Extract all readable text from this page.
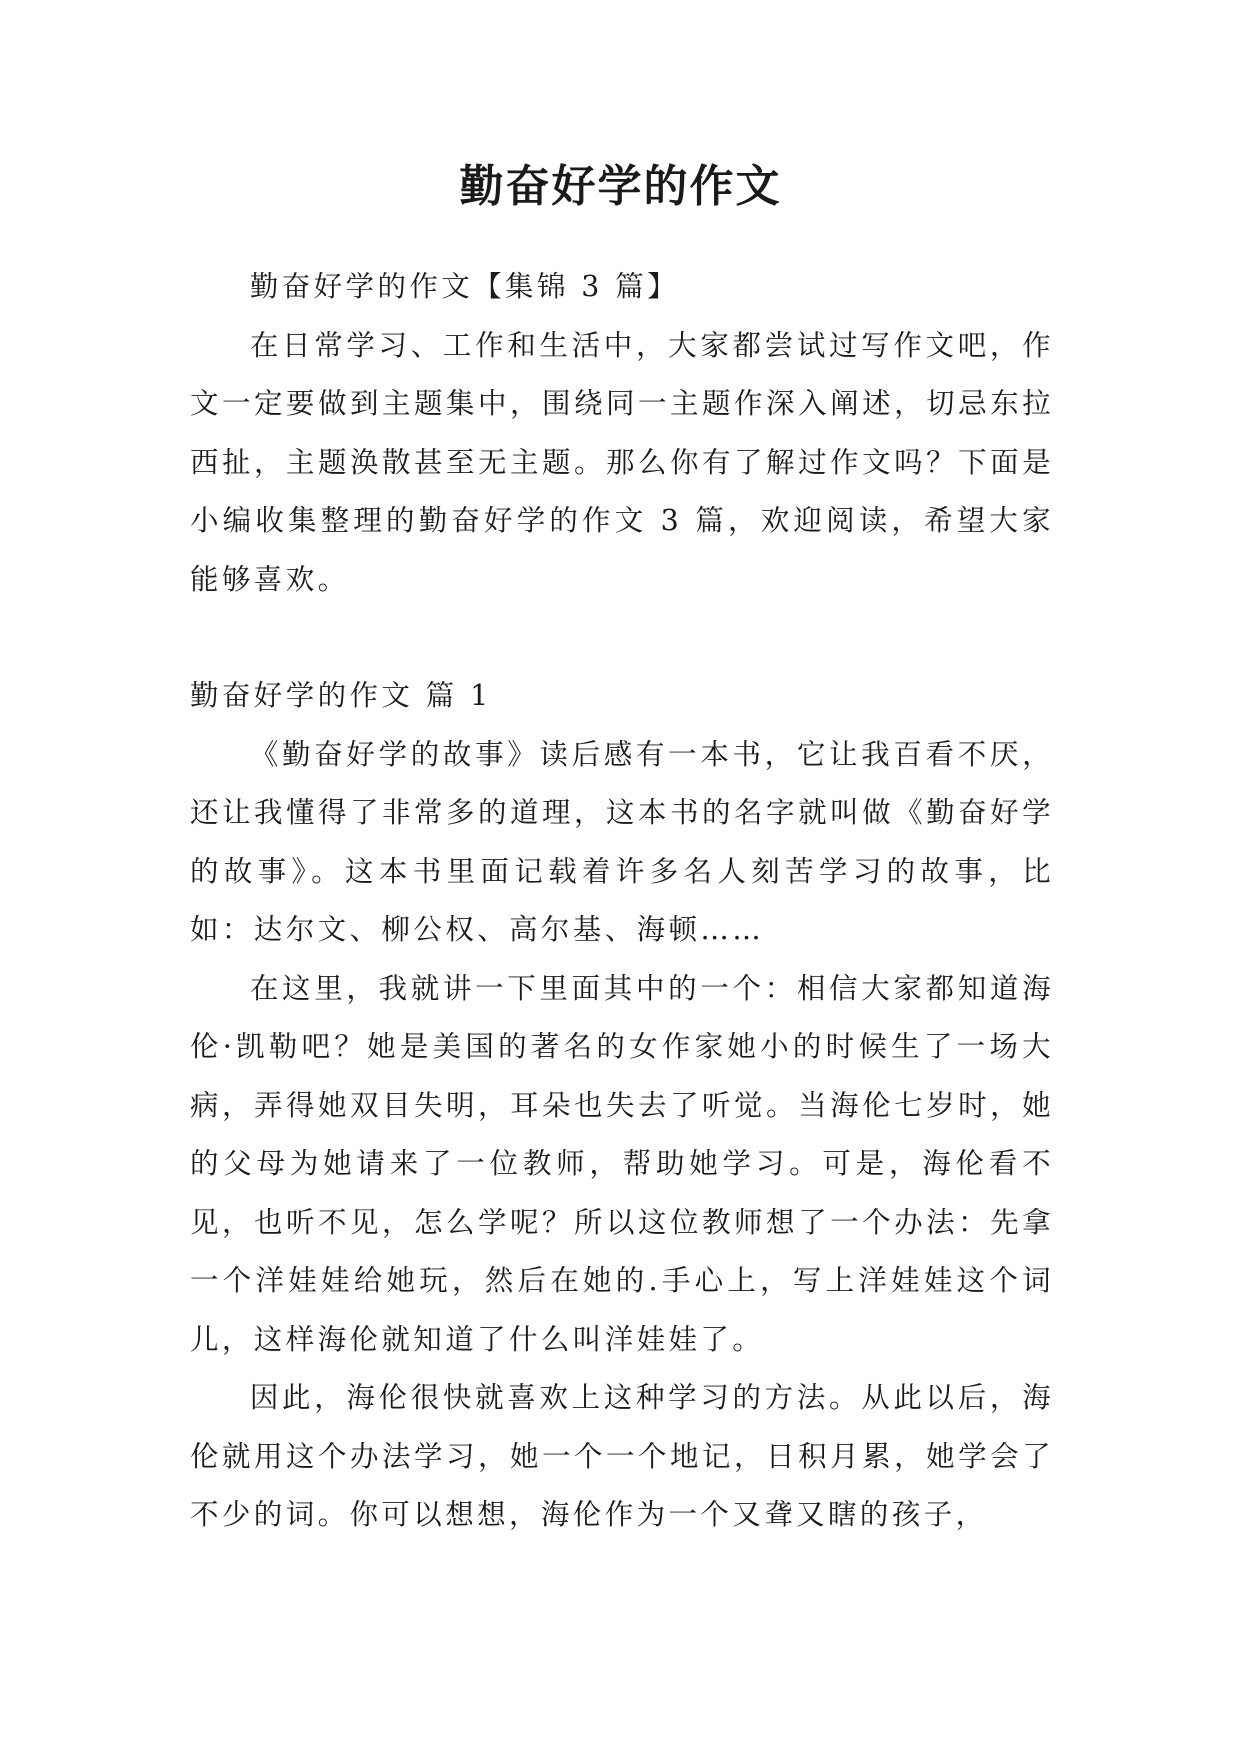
勤奋好学的作文

勤奋好学的作文【集锦 3 篇】

在日常学习、工作和生活中，大家都尝试过写作文吧，作文一定要做到主题集中，围绕同一主题作深入阐述，切忌东拉西扯，主题涣散甚至无主题。那么你有了解过作文吗？下面是小编收集整理的勤奋好学的作文 3 篇，欢迎阅读，希望大家能够喜欢。

勤奋好学的作文 篇 1

《勤奋好学的故事》读后感有一本书，它让我百看不厌，还让我懂得了非常多的道理，这本书的名字就叫做《勤奋好学的故事》。这本书里面记载着许多名人刻苦学习的故事，比如：达尔文、柳公权、高尔基、海顿……

在这里，我就讲一下里面其中的一个：相信大家都知道海伦·凯勒吧？她是美国的著名的女作家她小的时候生了一场大病，弄得她双目失明，耳朵也失去了听觉。当海伦七岁时，她的父母为她请来了一位教师，帮助她学习。可是，海伦看不见，也听不见，怎么学呢？所以这位教师想了一个办法：先拿一个洋娃娃给她玩，然后在她的.手心上，写上洋娃娃这个词儿，这样海伦就知道了什么叫洋娃娃了。

因此，海伦很快就喜欢上这种学习的方法。从此以后，海伦就用这个办法学习，她一个一个地记，日积月累，她学会了不少的词。你可以想想，海伦作为一个又聋又瞎的孩子，
